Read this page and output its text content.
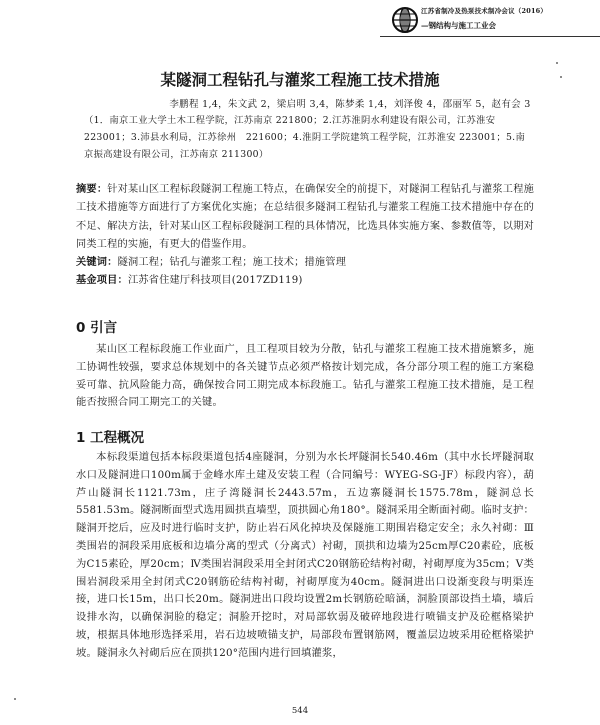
江苏省制冷及热泵技术制冷会议（2016）
—钢结构与施工工业会
某隧洞工程钻孔与灌浆工程施工技术措施
李鹏程 1,4，朱文武 2，梁启明 3,4，陈梦柔 1,4，刘泽俊 4，邵丽军 5，赵有会 3
（1．南京工业大学土木工程学院，江苏南京 221800；2.江苏淮阴水利建设有限公司，江苏淮安 223001；3.沛县水利局，江苏徐州　221600；4.淮阴工学院建筑工程学院，江苏淮安 223001；5.南京振高建设有限公司，江苏南京 211300）
摘要：针对某山区工程标段隧洞工程施工特点，在确保安全的前提下，对隧洞工程钻孔与灌浆工程施工技术措施等方面进行了方案优化实施；在总结很多隧洞工程钻孔与灌浆工程施工技术措施中存在的不足、解决方法，针对某山区工程标段隧洞工程的具体情况，比选具体实施方案、参数值等，以期对同类工程的实施，有更大的借鉴作用。
关键词：隧洞工程；钻孔与灌浆工程；施工技术；措施管理
基金项目：江苏省住建厅科技项目(2017ZD119)
0 引言
某山区工程标段施工作业面广，且工程项目较为分散，钻孔与灌浆工程施工技术措施繁多，施工协调性较强，要求总体规划中的各关键节点必须严格按计划完成，各分部分项工程的施工方案稳妥可靠、抗风险能力高，确保按合同工期完成本标段施工。钻孔与灌浆工程施工技术措施，是工程能否按照合同工期完工的关键。
1 工程概况
本标段渠道包括本标段渠道包括4座隧洞，分别为水长坪隧洞长540.46m（其中水长坪隧洞取水口及隧洞进口100m属于金峰水库土建及安装工程（合同编号：WYEG-SG-JF）标段内容），葫芦山隧洞长1121.73m，庄子湾隧洞长2443.57m，五边寨隧洞长1575.78m，隧洞总长5581.53m。隧洞断面型式选用圆拱直墙型，顶拱圆心角180°。隧洞采用全断面衬砌。临时支护：隧洞开挖后，应及时进行临时支护，防止岩石风化掉块及保隧施工期围岩稳定安全；永久衬砌：Ⅲ类围岩的洞段采用底板和边墙分离的型式（分离式）衬砌，顶拱和边墙为25cm厚C20素砼，底板为C15素砼，厚20cm；Ⅳ类围岩洞段采用全封闭式C20钢筋砼结构衬砌，衬砌厚度为35cm；Ⅴ类围岩洞段采用全封闭式C20钢筋砼结构衬砌，衬砌厚度为40cm。隧洞进出口设渐变段与明渠连接，进口长15m，出口长20m。隧洞进出口段均设置2m长钢筋砼暗涵，洞脸顶部设挡土墙，墙后设排水沟，以确保洞脸的稳定；洞脸开挖时，对局部软弱及破碎地段进行喷锚支护及砼框格梁护坡，根据具体地形选择采用，岩石边坡喷锚支护，局部段布置钢筋网，覆盖层边坡采用砼框格梁护坡。隧洞永久衬砌后应在顶拱120°范围内进行回填灌浆，
544
